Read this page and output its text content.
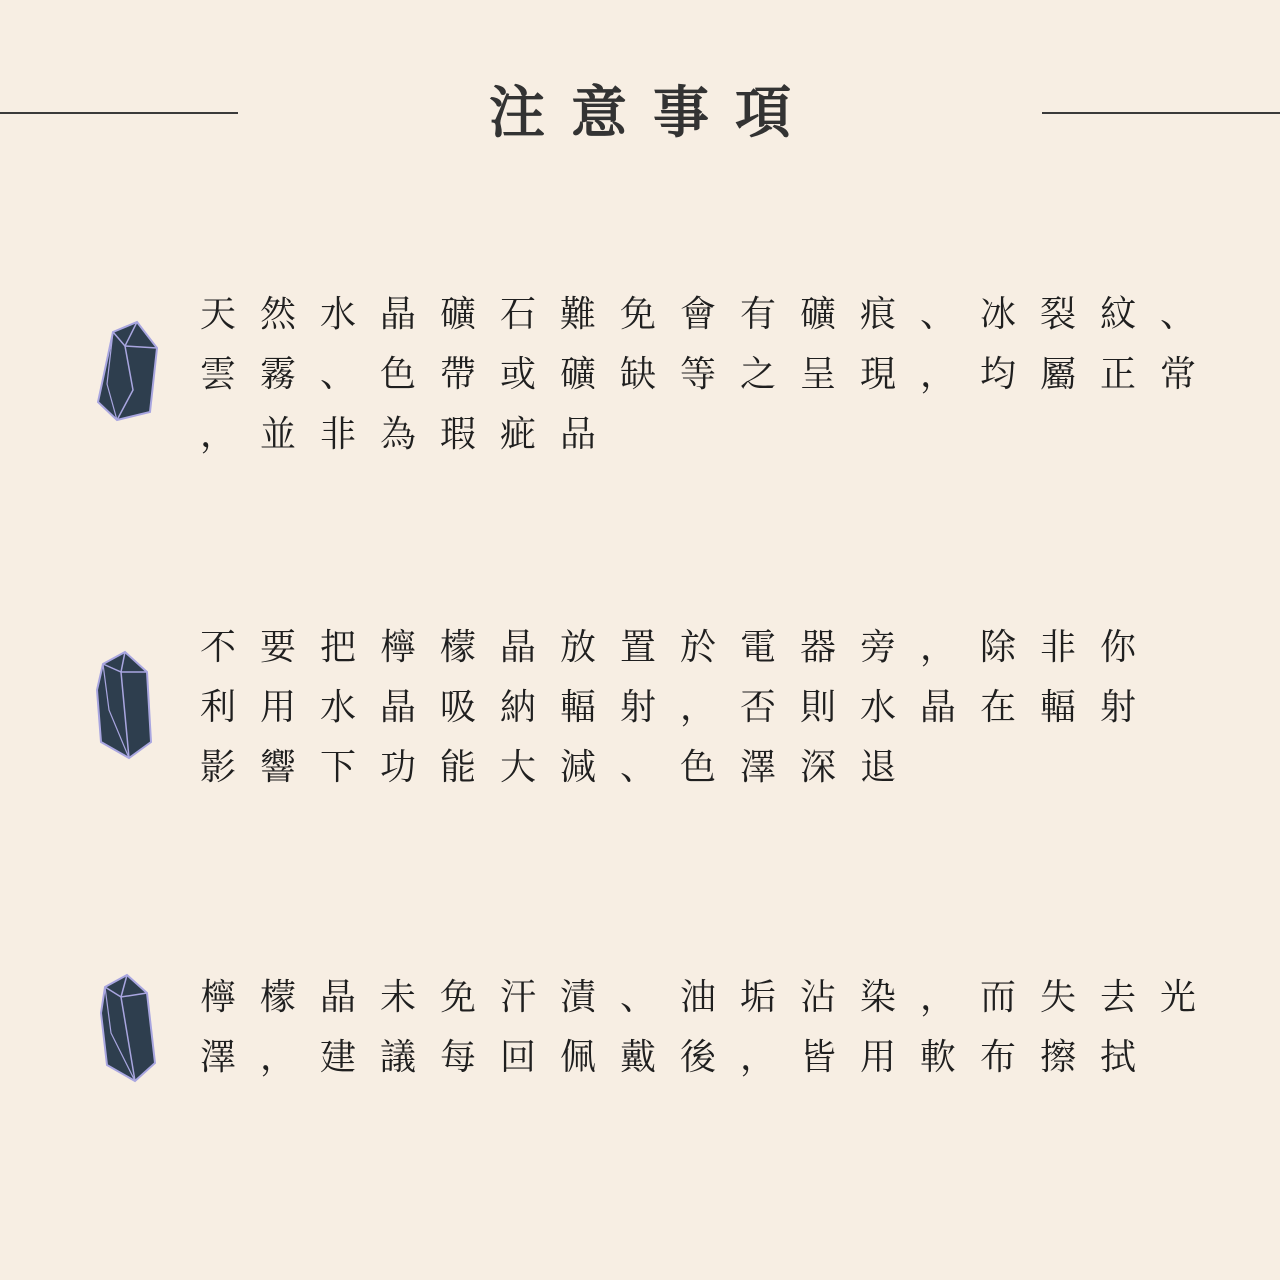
注意事項

天然水晶礦石難免會有礦痕、冰裂紋、

雲霧、色帶或礦缺等之呈現，均屬正常

，並非為瑕疵品

不要把檸檬晶放置於電器旁，除非你

利用水晶吸納輻射，否則水晶在輻射

影響下功能大減、色澤深退

檸檬晶未免汗漬、油垢沾染，而失去光

澤，建議每回佩戴後，皆用軟布擦拭
